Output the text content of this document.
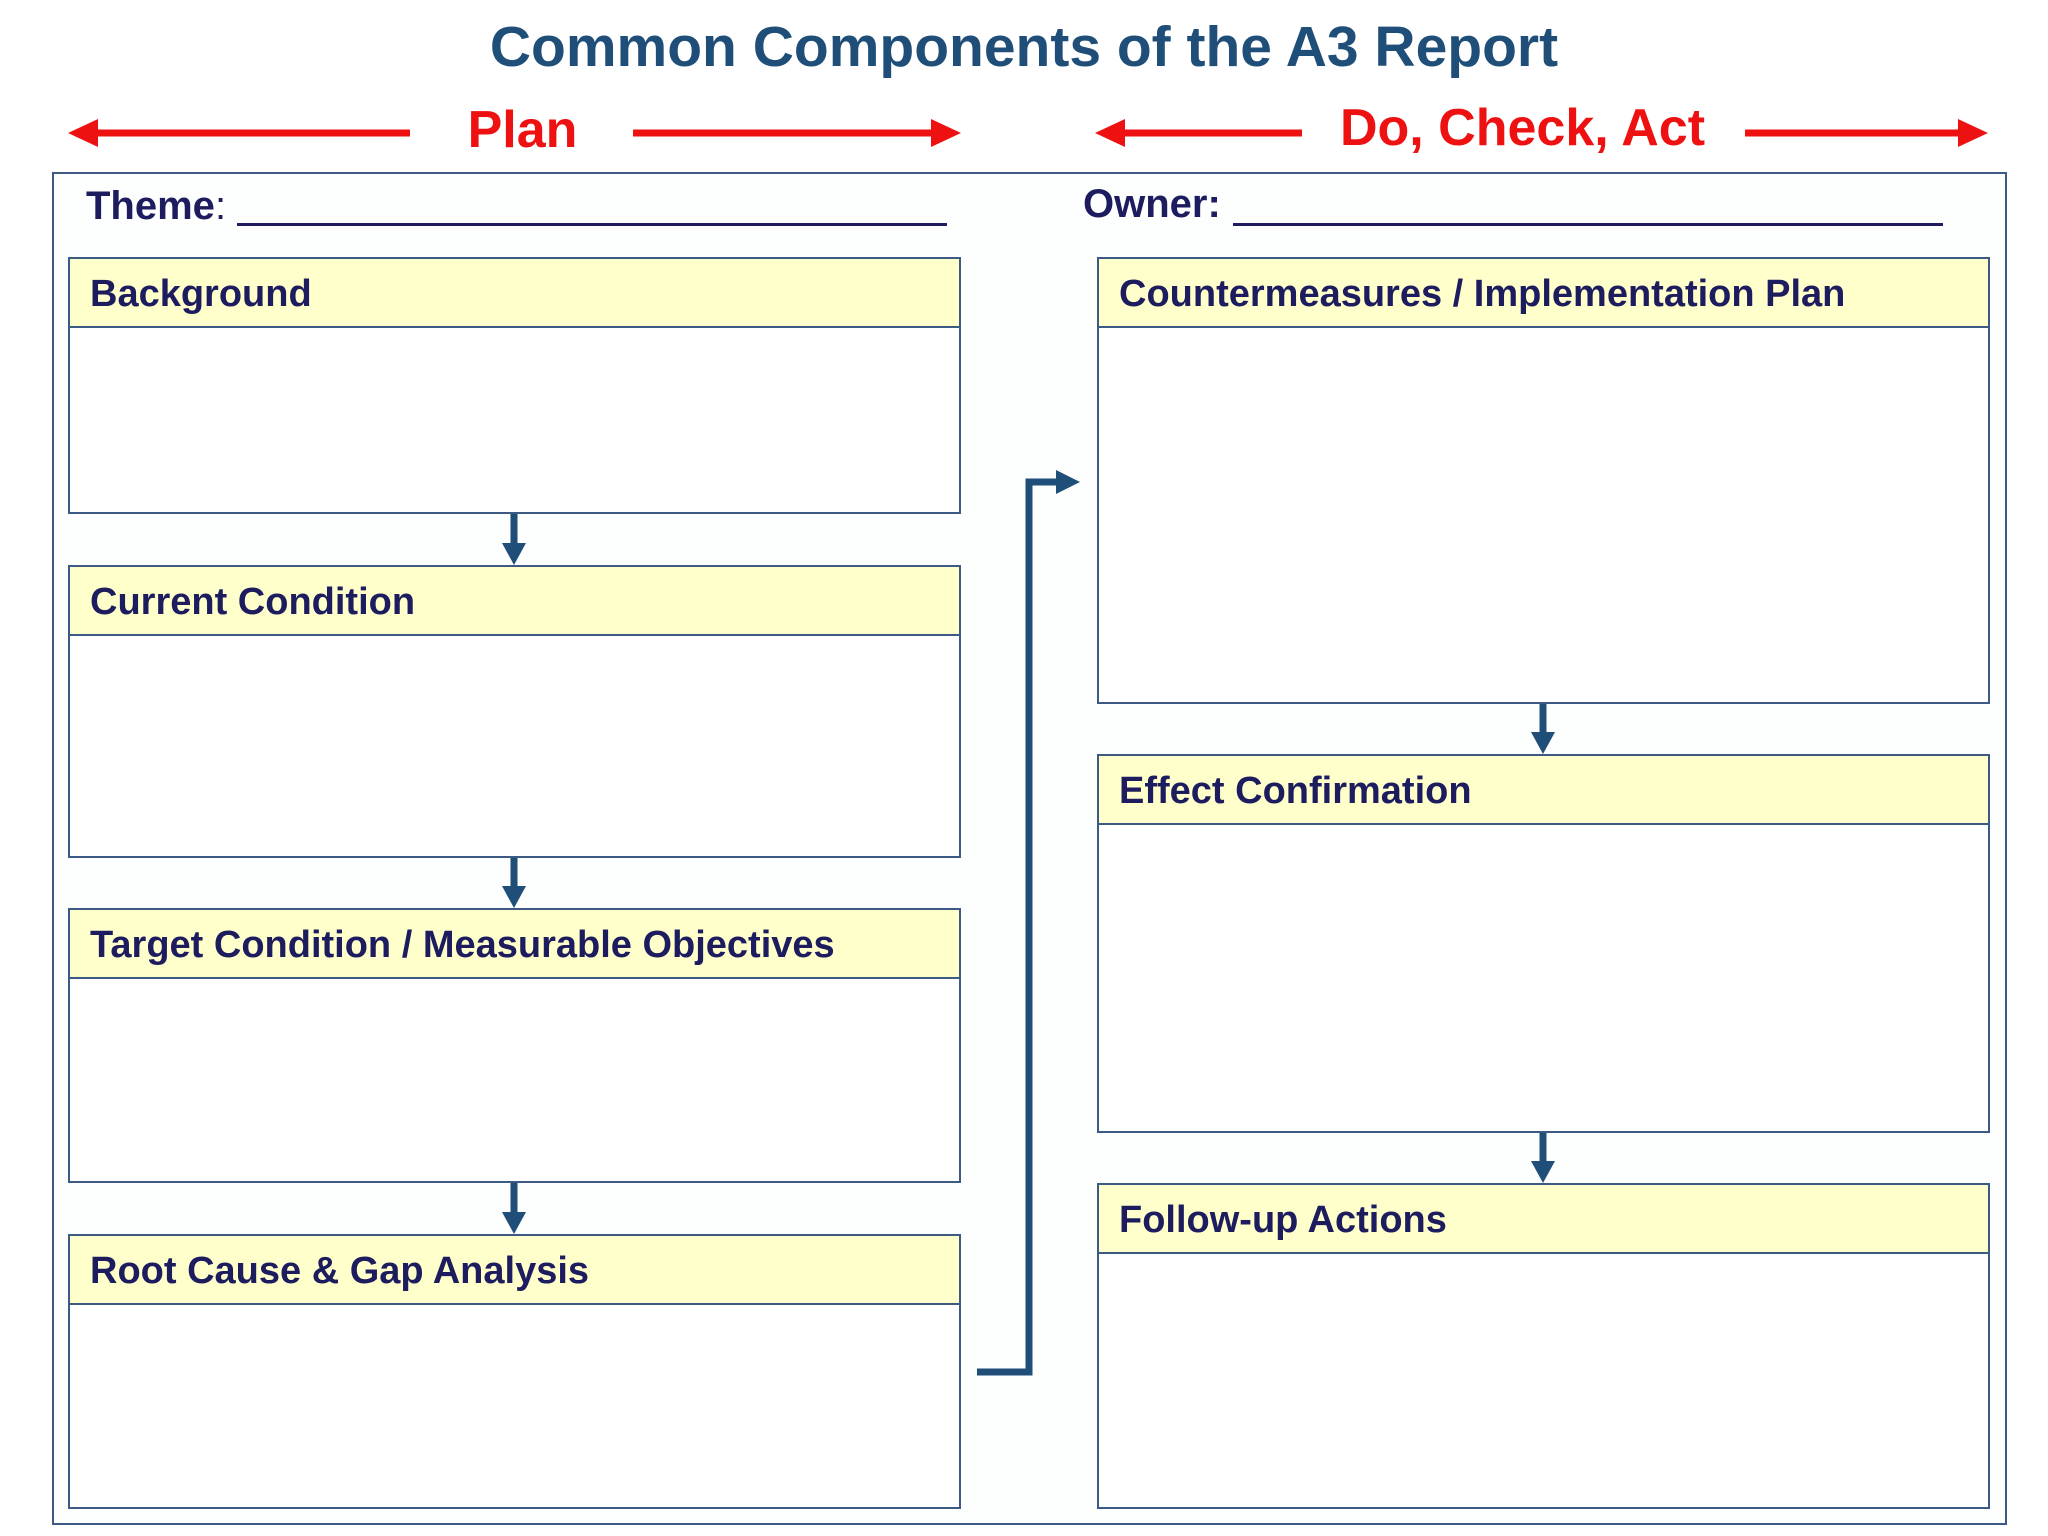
Common Components of the A3 Report
Plan	Do, Check, Act
Theme:	Owner:
Background
Current Condition
Target Condition / Measurable Objectives
Root Cause & Gap Analysis
Countermeasures / Implementation Plan
Effect Confirmation
Follow-up Actions
